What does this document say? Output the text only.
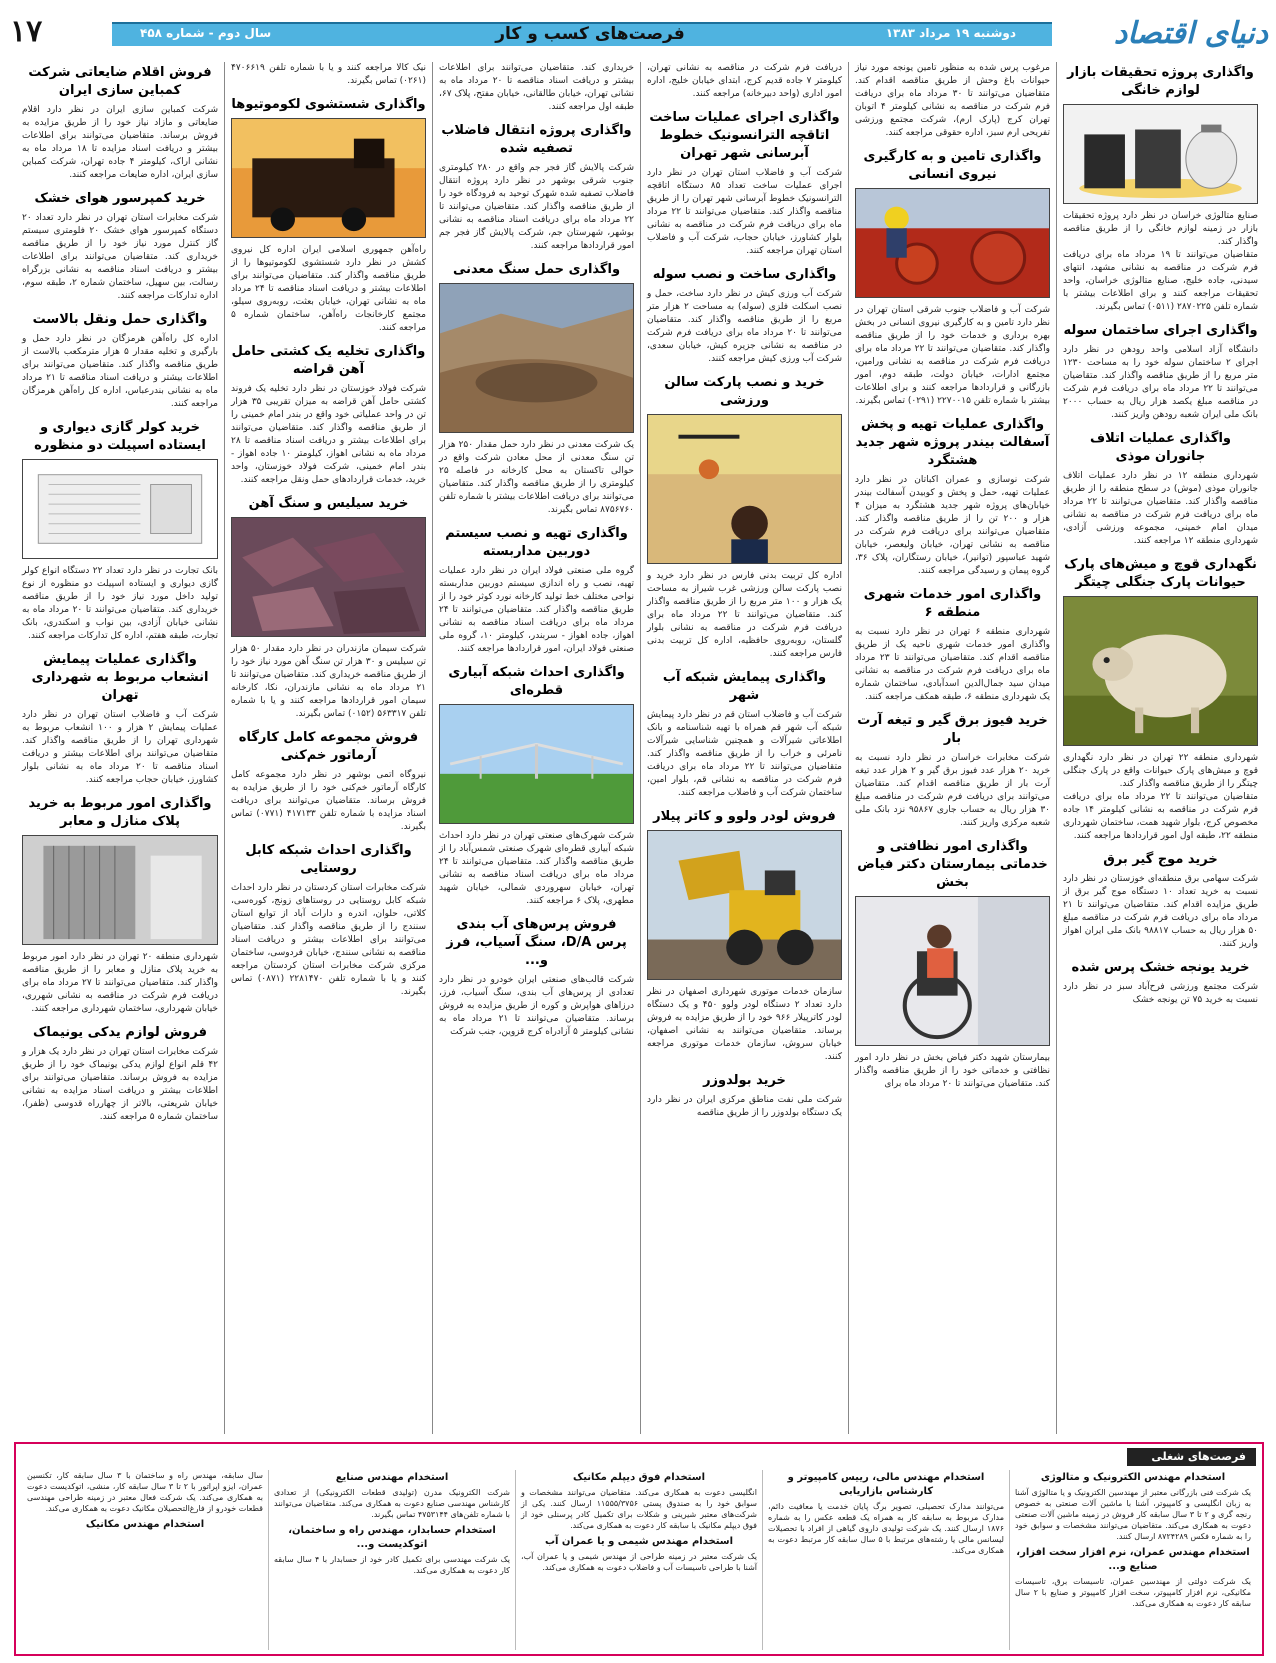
دنیای اقتصاد
دوشنبه ۱۹ مرداد ۱۳۸۳
فرصت‌های کسب و کار
سال دوم - شماره ۴۵۸
۱۷
واگذاری پروژه تحقیقات بازار لوازم خانگی

صنایع متالوژی خراسان در نظر دارد پروژه تحقیقات بازار در زمینه لوازم خانگی را از طریق مناقصه واگذار کند.

متقاضیان می‌توانند تا ۱۹ مرداد ماه برای دریافت فرم شرکت در مناقصه به نشانی مشهد، انتهای سیدنی، جاده خلیج، صنایع متالوژی خراسان، واحد تحقیقات مراجعه کنند و برای اطلاعات بیشتر با شماره تلفن ۲۸۷۰۲۲۵ (۰۵۱۱) تماس بگیرند.

واگذاری اجرای ساختمان سوله

دانشگاه آزاد اسلامی واحد رودهن در نظر دارد اجرای ۲ ساختمان سوله خود را به مساحت ۱۲۳۰ متر مربع را از طریق مناقصه واگذار کند. متقاضیان می‌توانند تا ۲۲ مرداد ماه برای دریافت فرم شرکت در مناقصه مبلغ یکصد هزار ریال به حساب ۲۰۰۰ بانک ملی ایران شعبه رودهن واریز کنند.

واگذاری عملیات اتلاف جانوران موذی

شهرداری منطقه ۱۲ در نظر دارد عملیات اتلاف جانوران موذی (موش) در سطح منطقه را از طریق مناقصه واگذار کند. متقاضیان می‌توانند تا ۲۲ مرداد ماه برای دریافت فرم شرکت در مناقصه به نشانی میدان امام خمینی، مجموعه ورزشی آزادی، شهرداری منطقه ۱۲ مراجعه کنند.

نگهداری قوچ و میش‌های پارک حیوانات پارک جنگلی چیتگر

شهرداری منطقه ۲۲ تهران در نظر دارد نگهداری قوچ و میش‌های پارک حیوانات واقع در پارک جنگلی چیتگر را از طریق مناقصه واگذار کند.

متقاضیان می‌توانند تا ۲۲ مرداد ماه برای دریافت فرم شرکت در مناقصه به نشانی کیلومتر ۱۴ جاده مخصوص کرج، بلوار شهید همت، ساختمان شهرداری منطقه ۲۲، طبقه اول امور قراردادها مراجعه کنند.

خرید موج گیر برق

شرکت سهامی برق منطقه‌ای خوزستان در نظر دارد نسبت به خرید تعداد ۱۰ دستگاه موج گیر برق از طریق مزایده اقدام کند. متقاضیان می‌توانند تا ۲۱ مرداد ماه برای دریافت فرم شرکت در مناقصه مبلغ ۵۰ هزار ریال به حساب ۹۸۸۱۷ بانک ملی ایران اهواز واریز کنند.

خرید یونجه خشک پرس شده

شرکت مجتمع ورزشی فرح‌آباد سبز در نظر دارد نسبت به خرید ۷۵ تن یونجه خشک

مرغوب پرس شده به منظور تامین یونجه مورد نیاز حیوانات باغ وحش از طریق مناقصه اقدام کند. متقاضیان می‌توانند تا ۳۰ مرداد ماه برای دریافت فرم شرکت در مناقصه به نشانی کیلومتر ۴ اتوبان تهران کرج (پارک ارم)، شرکت مجتمع ورزشی تفریحی ارم سبز، اداره حقوقی مراجعه کنند.

واگذاری تامین و به کارگیری نیروی انسانی

شرکت آب و فاضلاب جنوب شرقی استان تهران در نظر دارد تامین و به کارگیری نیروی انسانی در بخش بهره برداری و خدمات خود را از طریق مناقصه واگذار کند. متقاضیان می‌توانند تا ۲۲ مرداد ماه برای دریافت فرم شرکت در مناقصه به نشانی ورامین، مجتمع ادارات، خیابان دولت، طبقه دوم، امور بازرگانی و قراردادها مراجعه کنند و برای اطلاعات بیشتر با شماره تلفن ۲۲۷۰۰۱۵ (۰۲۹۱) تماس بگیرند.

واگذاری عملیات تهیه و پخش آسفالت بیندر پروژه شهر جدید هشتگرد

شرکت نوسازی و عمران اکباتان در نظر دارد عملیات تهیه، حمل و پخش و کوبیدن آسفالت بیندر خیابان‌های پروژه شهر جدید هشتگرد به میزان ۴ هزار و ۲۰۰ تن را از طریق مناقصه واگذار کند. متقاضیان می‌توانند برای دریافت فرم شرکت در مناقصه به نشانی تهران، خیابان ولیعصر، خیابان شهید عباسپور (توانیر)، خیابان رستگاران، پلاک ۳۶، گروه پیمان و رسیدگی مراجعه کنند.

واگذاری امور خدمات شهری منطقه ۶

شهرداری منطقه ۶ تهران در نظر دارد نسبت به واگذاری امور خدمات شهری ناحیه یک از طریق مناقصه اقدام کند. متقاضیان می‌توانند تا ۲۳ مرداد ماه برای دریافت فرم شرکت در مناقصه به نشانی میدان سید جمال‌الدین اسدآبادی، ساختمان شماره یک شهرداری منطقه ۶، طبقه همکف مراجعه کنند.

خرید فیوز برق گیر و تیغه آرت بار

شرکت مخابرات خراسان در نظر دارد نسبت به خرید ۲۰ هزار عدد فیوز برق گیر و ۲ هزار عدد تیغه آرت بار از طریق مناقصه اقدام کند. متقاضیان می‌توانند برای دریافت فرم شرکت در مناقصه مبلغ ۳۰ هزار ریال به حساب جاری ۹۵۸۶۷ نزد بانک ملی شعبه مرکزی واریز کنند.

واگذاری امور نظافتی و خدماتی بیمارستان دکتر فیاض بخش

بیمارستان شهید دکتر فیاض بخش در نظر دارد امور نظافتی و خدماتی خود را از طریق مناقصه واگذار کند. متقاضیان می‌توانند تا ۲۰ مرداد ماه برای

دریافت فرم شرکت در مناقصه به نشانی تهران، کیلومتر ۷ جاده قدیم کرج، ابتدای خیابان خلیج، اداره امور اداری (واحد دبیرخانه) مراجعه کنند.

واگذاری اجرای عملیات ساخت اتاقچه الترانسونیک خطوط آبرسانی شهر تهران

شرکت آب و فاضلاب استان تهران در نظر دارد اجرای عملیات ساخت تعداد ۸۵ دستگاه اتاقچه الترانسونیک خطوط آبرسانی شهر تهران را از طریق مناقصه واگذار کند. متقاضیان می‌توانند تا ۲۲ مرداد ماه برای دریافت فرم شرکت در مناقصه به نشانی بلوار کشاورز، خیابان حجاب، شرکت آب و فاضلاب استان تهران مراجعه کنند.

واگذاری ساخت و نصب سوله

شرکت آب ورزی کیش در نظر دارد ساخت، حمل و نصب اسکلت فلزی (سوله) به مساحت ۲ هزار متر مربع را از طریق مناقصه واگذار کند. متقاضیان می‌توانند تا ۲۰ مرداد ماه برای دریافت فرم شرکت در مناقصه به نشانی جزیره کیش، خیابان سعدی، شرکت آب ورزی کیش مراجعه کنند.

خرید و نصب پارکت سالن ورزشی

اداره کل تربیت بدنی فارس در نظر دارد خرید و نصب پارکت سالن ورزشی غرب شیراز به مساحت یک هزار و ۱۰۰ متر مربع را از طریق مناقصه واگذار کند. متقاضیان می‌توانند تا ۲۲ مرداد ماه برای دریافت فرم شرکت در مناقصه به نشانی بلوار گلستان، روبه‌روی حافظیه، اداره کل تربیت بدنی فارس مراجعه کنند.

واگذاری پیمایش شبکه آب شهر

شرکت آب و فاضلاب استان قم در نظر دارد پیمایش شبکه آب شهر قم همراه با تهیه شناسنامه و بانک اطلاعاتی شیرآلات و همچنین شناسایی شیرآلات نامرئی و خراب را از طریق مناقصه واگذار کند. متقاضیان می‌توانند تا ۲۲ مرداد ماه برای دریافت فرم شرکت در مناقصه به نشانی قم، بلوار امین، ساختمان شرکت آب و فاضلاب مراجعه کنند.

فروش لودر ولوو و کاتر پیلار

سازمان خدمات موتوری شهرداری اصفهان در نظر دارد تعداد ۲ دستگاه لودر ولوو ۴۵۰ و یک دستگاه لودر کاترپیلار ۹۶۶ خود را از طریق مزایده به فروش برساند. متقاضیان می‌توانند به نشانی اصفهان، خیابان سروش، سازمان خدمات موتوری مراجعه کنند.

خرید بولدوزر

شرکت ملی نفت مناطق مرکزی ایران در نظر دارد یک دستگاه بولدوزر را از طریق مناقصه

خریداری کند. متقاضیان می‌توانند برای اطلاعات بیشتر و دریافت اسناد مناقصه تا ۲۰ مرداد ماه به نشانی تهران، خیابان طالقانی، خیابان مفتح، پلاک ۶۷، طبقه اول مراجعه کنند.

واگذاری پروژه انتقال فاضلاب تصفیه شده

شرکت پالایش گاز فجر جم واقع در ۲۸۰ کیلومتری جنوب شرقی بوشهر در نظر دارد پروژه انتقال فاضلاب تصفیه شده شهرک توحید به فرودگاه خود را از طریق مناقصه واگذار کند. متقاضیان می‌توانند تا ۲۲ مرداد ماه برای دریافت اسناد مناقصه به نشانی بوشهر، شهرستان جم، شرکت پالایش گاز فجر جم امور قراردادها مراجعه کنند.

واگذاری حمل سنگ معدنی

یک شرکت معدنی در نظر دارد حمل مقدار ۲۵۰ هزار تن سنگ معدنی از محل معادن شرکت واقع در حوالی تاکستان به محل کارخانه در فاصله ۲۵ کیلومتری را از طریق مناقصه واگذار کند. متقاضیان می‌توانند برای دریافت اطلاعات بیشتر با شماره تلفن ۸۷۵۶۷۶۰ تماس بگیرند.

واگذاری تهیه و نصب سیستم دوربین مداربسته

گروه ملی صنعتی فولاد ایران در نظر دارد عملیات تهیه، نصب و راه اندازی سیستم دوربین مداربسته نواحی مختلف خط تولید کارخانه نورد کوثر خود را از طریق مناقصه واگذار کند. متقاضیان می‌توانند تا ۲۴ مرداد ماه برای دریافت اسناد مناقصه به نشانی اهواز، جاده اهواز - سربندر، کیلومتر ۱۰، گروه ملی صنعتی فولاد ایران، امور قراردادها مراجعه کنند.

واگذاری احداث شبکه آبیاری قطره‌ای

شرکت شهرک‌های صنعتی تهران در نظر دارد احداث شبکه آبیاری قطره‌ای شهرک صنعتی شمس‌آباد را از طریق مناقصه واگذار کند. متقاضیان می‌توانند تا ۲۴ مرداد ماه برای دریافت اسناد مناقصه به نشانی تهران، خیابان سهروردی شمالی، خیابان شهید مطهری، پلاک ۶ مراجعه کنند.

فروش پرس‌های آب بندی پرس D/A، سنگ آسیاب، فرز و...

شرکت قالب‌های صنعتی ایران خودرو در نظر دارد تعدادی از پرس‌های آب بندی، سنگ آسیاب، فرز، درزاهای هواپرش و کوره از طریق مزایده به فروش برساند. متقاضیان می‌توانند تا ۲۱ مرداد ماه به نشانی کیلومتر ۵ آزادراه کرج قزوین، جنب شرکت

نیک کالا مراجعه کنند و یا با شماره تلفن ۴۷۰۶۶۱۹ (۰۲۶۱) تماس بگیرند.

واگذاری شستشوی لکوموتیوها

راه‌آهن جمهوری اسلامی ایران اداره کل نیروی کشش در نظر دارد شستشوی لکوموتیوها را از طریق مناقصه واگذار کند. متقاضیان می‌توانند برای اطلاعات بیشتر و دریافت اسناد مناقصه تا ۲۴ مرداد ماه به نشانی تهران، خیابان بعثت، روبه‌روی سیلو، مجتمع کارخانجات راه‌آهن، ساختمان شماره ۵ مراجعه کنند.

واگذاری تخلیه یک کشتی حامل آهن قراضه

شرکت فولاد خوزستان در نظر دارد تخلیه یک فروند کشتی حامل آهن قراضه به میزان تقریبی ۳۵ هزار تن در واحد عملیاتی خود واقع در بندر امام خمینی را از طریق مناقصه واگذار کند. متقاضیان می‌توانند برای اطلاعات بیشتر و دریافت اسناد مناقصه تا ۲۸ مرداد ماه به نشانی اهواز، کیلومتر ۱۰ جاده اهواز - بندر امام خمینی، شرکت فولاد خوزستان، واحد خرید، خدمات قراردادهای حمل ونقل مراجعه کنند.

خرید سیلیس و سنگ آهن

شرکت سیمان مازندران در نظر دارد مقدار ۵۰ هزار تن سیلیس و ۳۰ هزار تن سنگ آهن مورد نیاز خود را از طریق مناقصه خریداری کند. متقاضیان می‌توانند تا ۲۱ مرداد ماه به نشانی مازندران، نکا، کارخانه سیمان امور قراردادها مراجعه کنند و یا با شماره تلفن ۵۶۳۳۱۷ (۰۱۵۲) تماس بگیرند.

فروش مجموعه کامل کارگاه آرماتور خم‌کنی

نیروگاه اتمی بوشهر در نظر دارد مجموعه کامل کارگاه آرماتور خم‌کنی خود را از طریق مزایده به فروش برساند. متقاضیان می‌توانند برای دریافت اسناد مزایده با شماره تلفن ۴۱۷۱۳۳ (۰۷۷۱) تماس بگیرند.

واگذاری احداث شبکه کابل روستایی

شرکت مخابرات استان کردستان در نظر دارد احداث شبکه کابل روستایی در روستاهای زونج، کوره‌سی، کلاتی، حلوان، اندره و دارات آباد از توابع استان سنندج را از طریق مناقصه واگذار کند. متقاضیان می‌توانند برای اطلاعات بیشتر و دریافت اسناد مناقصه به نشانی سنندج، خیابان فردوسی، ساختمان مرکزی شرکت مخابرات استان کردستان مراجعه کنند و یا با شماره تلفن ۲۲۸۱۴۷۰ (۰۸۷۱) تماس بگیرند.

فروش اقلام ضایعاتی شرکت کمباین سازی ایران

شرکت کمباین سازی ایران در نظر دارد اقلام ضایعاتی و مازاد نیاز خود را از طریق مزایده به فروش برساند. متقاضیان می‌توانند برای اطلاعات بیشتر و دریافت اسناد مزایده تا ۱۸ مرداد ماه به نشانی اراک، کیلومتر ۴ جاده تهران، شرکت کمباین سازی ایران، اداره ضایعات مراجعه کنند.

خرید کمپرسور هوای خشک

شرکت مخابرات استان تهران در نظر دارد تعداد ۲۰ دستگاه کمپرسور هوای خشک ۲۰ فلومتری سیستم گاز کنترل مورد نیاز خود را از طریق مناقصه خریداری کند. متقاضیان می‌توانند برای اطلاعات بیشتر و دریافت اسناد مناقصه به نشانی بزرگراه رسالت، بین سهیل، ساختمان شماره ۲، طبقه سوم، اداره تدارکات مراجعه کنند.

واگذاری حمل ونقل بالاست

اداره کل راه‌آهن هرمزگان در نظر دارد حمل و بارگیری و تخلیه مقدار ۵ هزار مترمکعب بالاست از طریق مناقصه واگذار کند. متقاضیان می‌توانند برای اطلاعات بیشتر و دریافت اسناد مناقصه تا ۲۱ مرداد ماه به نشانی بندرعباس، اداره کل راه‌آهن هرمزگان مراجعه کنند.

خرید کولر گازی دیواری و ایستاده اسپیلت دو منظوره

بانک تجارت در نظر دارد تعداد ۲۲ دستگاه انواع کولر گازی دیواری و ایستاده اسپیلت دو منظوره از نوع تولید داخل مورد نیاز خود را از طریق مناقصه خریداری کند. متقاضیان می‌توانند تا ۲۰ مرداد ماه به نشانی خیابان آزادی، بین نواب و اسکندری، بانک تجارت، طبقه هفتم، اداره کل تدارکات مراجعه کنند.

واگذاری عملیات پیمایش انشعاب مربوط به شهرداری تهران

شرکت آب و فاضلاب استان تهران در نظر دارد عملیات پیمایش ۲ هزار و ۱۰۰ انشعاب مربوط به شهرداری تهران را از طریق مناقصه واگذار کند. متقاضیان می‌توانند برای اطلاعات بیشتر و دریافت اسناد مناقصه تا ۲۰ مرداد ماه به نشانی بلوار کشاورز، خیابان حجاب مراجعه کنند.

واگذاری امور مربوط به خرید پلاک منازل و معابر

شهرداری منطقه ۲۰ تهران در نظر دارد امور مربوط به خرید پلاک منازل و معابر را از طریق مناقصه واگذار کند. متقاضیان می‌توانند تا ۲۷ مرداد ماه برای دریافت فرم شرکت در مناقصه به نشانی شهرری، خیابان شهرداری، ساختمان شهرداری مراجعه کنند.

فروش لوازم یدکی یونیماک

شرکت مخابرات استان تهران در نظر دارد یک هزار و ۴۲ قلم انواع لوازم یدکی یونیماک خود را از طریق مزایده به فروش برساند. متقاضیان می‌توانند برای اطلاعات بیشتر و دریافت اسناد مزایده به نشانی خیابان شریعتی، بالاتر از چهارراه قدوسی (ظفر)، ساختمان شماره ۵ مراجعه کنند.

فرصت‌های شغلی
استخدام مهندس الکترونیک و متالوژی

یک شرکت فنی بازرگانی معتبر از مهندسین الکترونیک و یا متالوژی آشنا به زبان انگلیسی و کامپیوتر، آشنا با ماشین آلات صنعتی به خصوص رنجه گری و ۲ تا ۳ سال سابقه کار فروش در زمینه ماشین آلات صنعتی دعوت به همکاری می‌کند. متقاضیان می‌توانند مشخصات و سوابق خود را به شماره فکس ۸۷۲۴۲۸۹ ارسال کنند.

استخدام مهندس عمران، نرم افزار سخت افزار، صنایع و...

یک شرکت دولتی از مهندسین عمران، تاسیسات برق، تاسیسات مکانیکی، نرم افزار کامپیوتر، سخت افزار کامپیوتر و صنایع با ۲ سال سابقه کار دعوت به همکاری می‌کند.

استخدام مهندس مالی، رییس کامپیوتر و کارشناس بازاریابی

می‌توانند مدارک تحصیلی، تصویر برگ پایان خدمت یا معافیت دائم، مدارک مربوط به سابقه کار به همراه یک قطعه عکس را به شماره ۱۸۷۶ ارسال کنند. یک شرکت تولیدی داروی گیاهی از افراد با تحصیلات لیسانس مالی یا رشته‌های مرتبط با ۵ سال سابقه کار مرتبط دعوت به همکاری می‌کند.

استخدام فوق دیپلم مکانیک

انگلیسی دعوت به همکاری می‌کند. متقاضیان می‌توانند مشخصات و سوابق خود را به صندوق پستی ۱۱۵۵۵/۳۷۵۶ ارسال کنند. یکی از شرکت‌های معتبر شیرینی و شکلات برای تکمیل کادر پرسنلی خود از فوق دیپلم مکانیک با سابقه کار دعوت به همکاری می‌کند.

استخدام مهندس شیمی و یا عمران آب

یک شرکت معتبر در زمینه طراحی از مهندس شیمی و یا عمران آب، آشنا با طراحی تاسیسات آب و فاضلاب دعوت به همکاری می‌کند.

استخدام مهندس صنایع

شرکت الکترونیک مدرن (تولیدی قطعات الکترونیکی) از تعدادی کارشناس مهندسی صنایع دعوت به همکاری می‌کند. متقاضیان می‌توانند با شماره تلفن‌های ۴۷۵۳۱۴۴ تماس بگیرند.

استخدام حسابدار، مهندس راه و ساختمان، اتوکدیست و...

یک شرکت مهندسی برای تکمیل کادر خود از حسابدار با ۴ سال سابقه کار دعوت به همکاری می‌کند.

سال سابقه، مهندس راه و ساختمان با ۳ سال سابقه کار، تکنسین عمران، ایزو اپراتور با ۲ تا ۳ سال سابقه کار، منشی، اتوکدیست دعوت به همکاری می‌کند. یک شرکت فعال معتبر در زمینه طراحی مهندسی قطعات خودرو از فارغ‌التحصیلان مکانیک دعوت به همکاری می‌کند.

استخدام مهندس مکانیک
